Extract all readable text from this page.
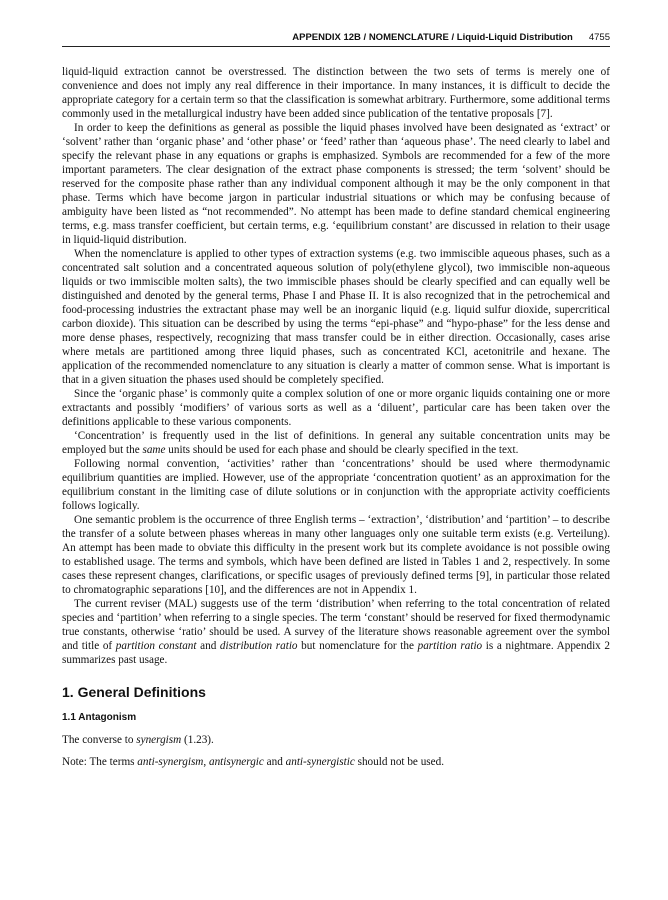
APPENDIX 12B / NOMENCLATURE / Liquid-Liquid Distribution 4755

liquid-liquid extraction cannot be overstressed. The distinction between the two sets of terms is merely one of convenience and does not imply any real difference in their importance. In many instances, it is difficult to decide the appropriate category for a certain term so that the classification is somewhat arbitrary. Furthermore, some additional terms commonly used in the metallurgical industry have been added since publication of the tentative proposals [7].

In order to keep the definitions as general as possible the liquid phases involved have been designated as ‘extract’ or ‘solvent’ rather than ‘organic phase’ and ‘other phase’ or ‘feed’ rather than ‘aqueous phase’. The need clearly to label and specify the relevant phase in any equations or graphs is emphasized. Symbols are recommended for a few of the more important parameters. The clear designation of the extract phase components is stressed; the term ‘solvent’ should be reserved for the composite phase rather than any individual component although it may be the only component in that phase. Terms which have become jargon in particular industrial situations or which may be confusing because of ambiguity have been listed as “not recommended”. No attempt has been made to define standard chemical engineering terms, e.g. mass transfer coefficient, but certain terms, e.g. ‘equilibrium constant’ are discussed in relation to their usage in liquid-liquid distribution.

When the nomenclature is applied to other types of extraction systems (e.g. two immiscible aqueous phases, such as a concentrated salt solution and a concentrated aqueous solution of poly(ethylene glycol), two immiscible non-aqueous liquids or two immiscible molten salts), the two immiscible phases should be clearly specified and can equally well be distinguished and denoted by the general terms, Phase I and Phase II. It is also recognized that in the petrochemical and food-processing industries the extractant phase may well be an inorganic liquid (e.g. liquid sulfur dioxide, supercritical carbon dioxide). This situation can be described by using the terms “epi-phase” and “hypo-phase” for the less dense and more dense phases, respectively, recognizing that mass transfer could be in either direction. Occasionally, cases arise where metals are partitioned among three liquid phases, such as concentrated KCl, acetonitrile and hexane. The application of the recommended nomenclature to any situation is clearly a matter of common sense. What is important is that in a given situation the phases used should be completely specified.

Since the ‘organic phase’ is commonly quite a complex solution of one or more organic liquids containing one or more extractants and possibly ‘modifiers’ of various sorts as well as a ‘diluent’, particular care has been taken over the definitions applicable to these various components.

‘Concentration’ is frequently used in the list of definitions. In general any suitable concentration units may be employed but the same units should be used for each phase and should be clearly specified in the text.

Following normal convention, ‘activities’ rather than ‘concentrations’ should be used where thermodynamic equilibrium quantities are implied. However, use of the appropriate ‘concentration quotient’ as an approximation for the equilibrium constant in the limiting case of dilute solutions or in conjunction with the appropriate activity coefficients follows logically.

One semantic problem is the occurrence of three English terms – ‘extraction’, ‘distribution’ and ‘partition’ – to describe the transfer of a solute between phases whereas in many other languages only one suitable term exists (e.g. Verteilung). An attempt has been made to obviate this difficulty in the present work but its complete avoidance is not possible owing to established usage. The terms and symbols, which have been defined are listed in Tables 1 and 2, respectively. In some cases these represent changes, clarifications, or specific usages of previously defined terms [9], in particular those related to chromatographic separations [10], and the differences are not in Appendix 1.

The current reviser (MAL) suggests use of the term ‘distribution’ when referring to the total concentration of related species and ‘partition’ when referring to a single species. The term ‘constant’ should be reserved for fixed thermodynamic true constants, otherwise ‘ratio’ should be used. A survey of the literature shows reasonable agreement over the symbol and title of partition constant and distribution ratio but nomenclature for the partition ratio is a nightmare. Appendix 2 summarizes past usage.

1. General Definitions
1.1 Antagonism

The converse to synergism (1.23).

Note: The terms anti-synergism, antisynergic and anti-synergistic should not be used.
